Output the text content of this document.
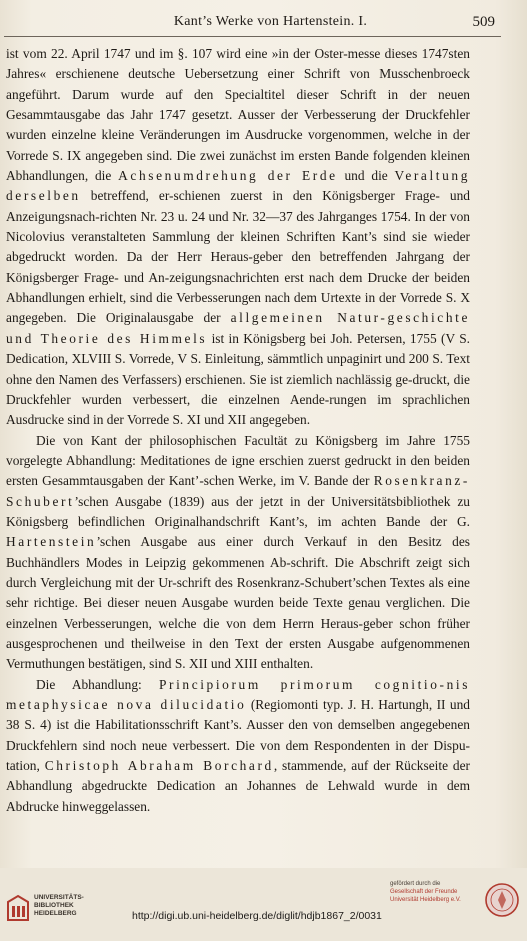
Kant’s Werke von Hartenstein. I.	509

ist vom 22. April 1747 und im §. 107 wird eine »in der Oster-messe dieses 1747sten Jahres« erschienene deutsche Uebersetzung einer Schrift von Musschenbroeck angeführt. Darum wurde auf den Specialtitel dieser Schrift in der neuen Gesammtausgabe das Jahr 1747 gesetzt. Ausser der Verbesserung der Druckfehler wurden einzelne kleine Veränderungen im Ausdrucke vorgenommen, welche in der Vorrede S. IX angegeben sind. Die zwei zunächst im ersten Bande folgenden kleinen Abhandlungen, die Achsenumdrehung der Erde und die Veraltung derselben betreffend, er-schienen zuerst in den Königsberger Frage- und Anzeigungsnach-richten Nr. 23 u. 24 und Nr. 32—37 des Jahrganges 1754. In der von Nicolovius veranstalteten Sammlung der kleinen Schriften Kant’s sind sie wieder abgedruckt worden. Da der Herr Heraus-geber den betreffenden Jahrgang der Königsberger Frage- und An-zeigungsnachrichten erst nach dem Drucke der beiden Abhandlungen erhielt, sind die Verbesserungen nach dem Urtexte in der Vorrede S. X angegeben. Die Originalausgabe der allgemeinen Natur-geschichte und Theorie des Himmels ist in Königsberg bei Joh. Petersen, 1755 (V S. Dedication, XLVIII S. Vorrede, V S. Einleitung, sämmtlich unpaginirt und 200 S. Text ohne den Namen des Verfassers) erschienen. Sie ist ziemlich nachlässig ge-druckt, die Druckfehler wurden verbessert, die einzelnen Aende-rungen im sprachlichen Ausdrucke sind in der Vorrede S. XI und XII angegeben.

Die von Kant der philosophischen Facultät zu Königsberg im Jahre 1755 vorgelegte Abhandlung: Meditationes de igne erschien zuerst gedruckt in den beiden ersten Gesammtausgaben der Kant’-schen Werke, im V. Bande der Rosenkranz-Schubert’schen Ausgabe (1839) aus der jetzt in der Universitätsbibliothek zu Königsberg befindlichen Originalhandschrift Kant’s, im achten Bande der G. Hartenstein’schen Ausgabe aus einer durch Verkauf in den Besitz des Buchhändlers Modes in Leipzig gekommenen Ab-schrift. Die Abschrift zeigt sich durch Vergleichung mit der Ur-schrift des Rosenkranz-Schubert’schen Textes als eine sehr richtige. Bei dieser neuen Ausgabe wurden beide Texte genau verglichen. Die einzelnen Verbesserungen, welche die von dem Herrn Heraus-geber schon früher ausgesprochenen und theilweise in den Text der ersten Ausgabe aufgenommenen Vermuthungen bestätigen, sind S. XII und XIII enthalten.

Die Abhandlung: Principiorum primorum cognitio-nis metaphysicae nova dilucidatio (Regiomonti typ. J. H. Hartungh, II und 38 S. 4) ist die Habilitationsschrift Kant’s. Ausser den von demselben angegebenen Druckfehlern sind noch neue verbessert. Die von dem Respondenten in der Dispu-tation, Christoph Abraham Borchard, stammende, auf der Rückseite der Abhandlung abgedruckte Dedication an Johannes de Lehwald wurde in dem Abdrucke hinweggelassen.

UNIVERSITÄTS-
BIBLIOTHEK
HEIDELBERG	http://digi.ub.uni-heidelberg.de/diglit/hdjb1867_2/0031
gefördert durch die
Gesellschaft der Freunde
Universität Heidelberg e.V.
